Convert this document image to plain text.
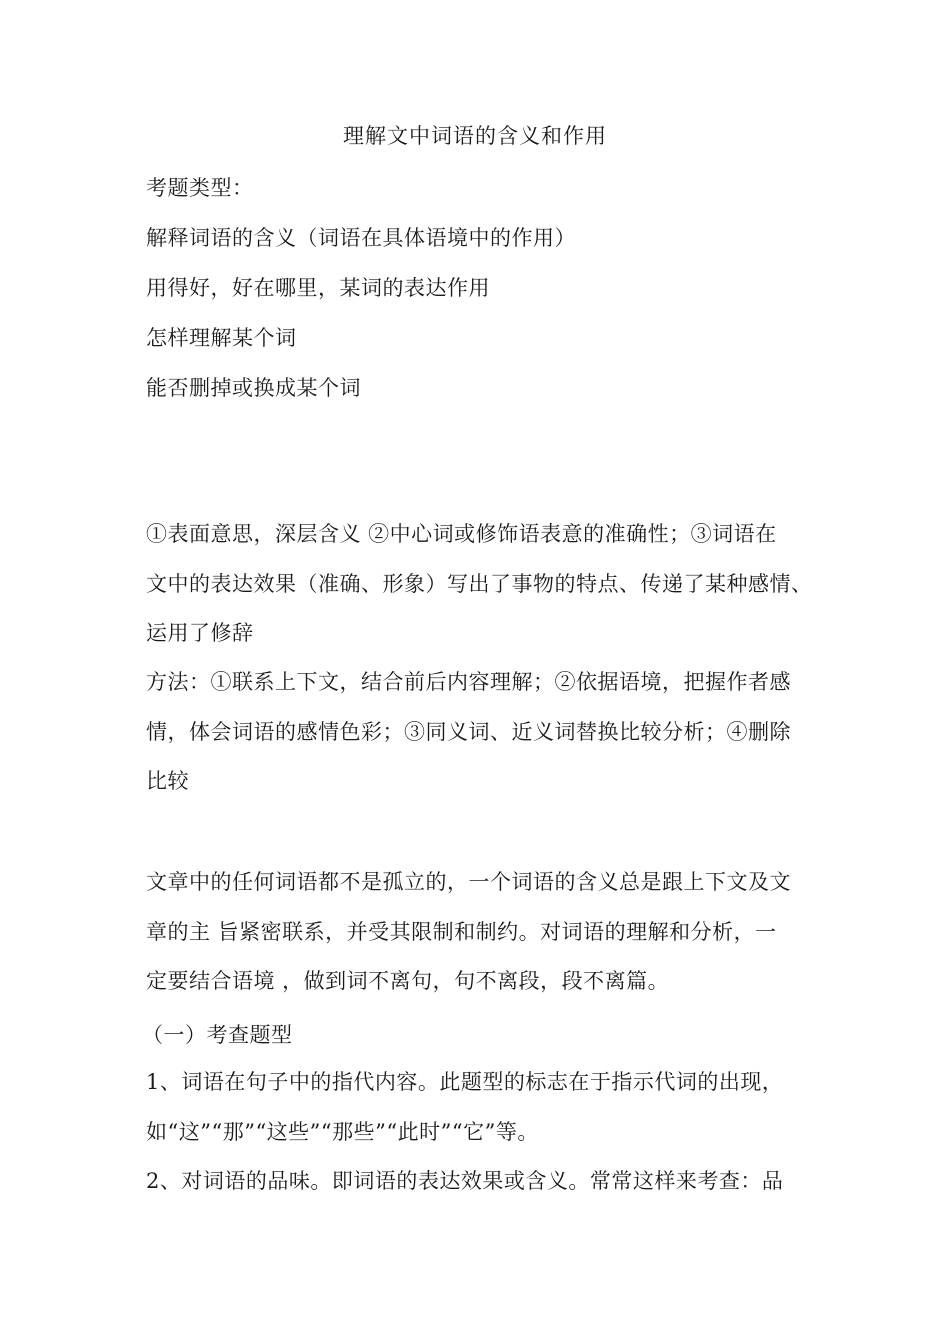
理解文中词语的含义和作用
考题类型：
解释词语的含义（词语在具体语境中的作用）
用得好，好在哪里，某词的表达作用
怎样理解某个词
能否删掉或换成某个词
①表面意思，深层含义 ②中心词或修饰语表意的准确性；③词语在
文中的表达效果（准确、形象）写出了事物的特点、传递了某种感情、
运用了修辞
方法：①联系上下文，结合前后内容理解；②依据语境，把握作者感
情，体会词语的感情色彩；③同义词、近义词替换比较分析；④删除
比较
文章中的任何词语都不是孤立的，一个词语的含义总是跟上下文及文
章的主 旨紧密联系，并受其限制和制约。对词语的理解和分析，一
定要结合语境 ，做到词不离句，句不离段，段不离篇。
（一）考查题型
1、词语在句子中的指代内容。此题型的标志在于指示代词的出现，
如“这”“那”“这些”“那些”“此时”“它”等。
2、对词语的品味。即词语的表达效果或含义。常常这样来考查：品
